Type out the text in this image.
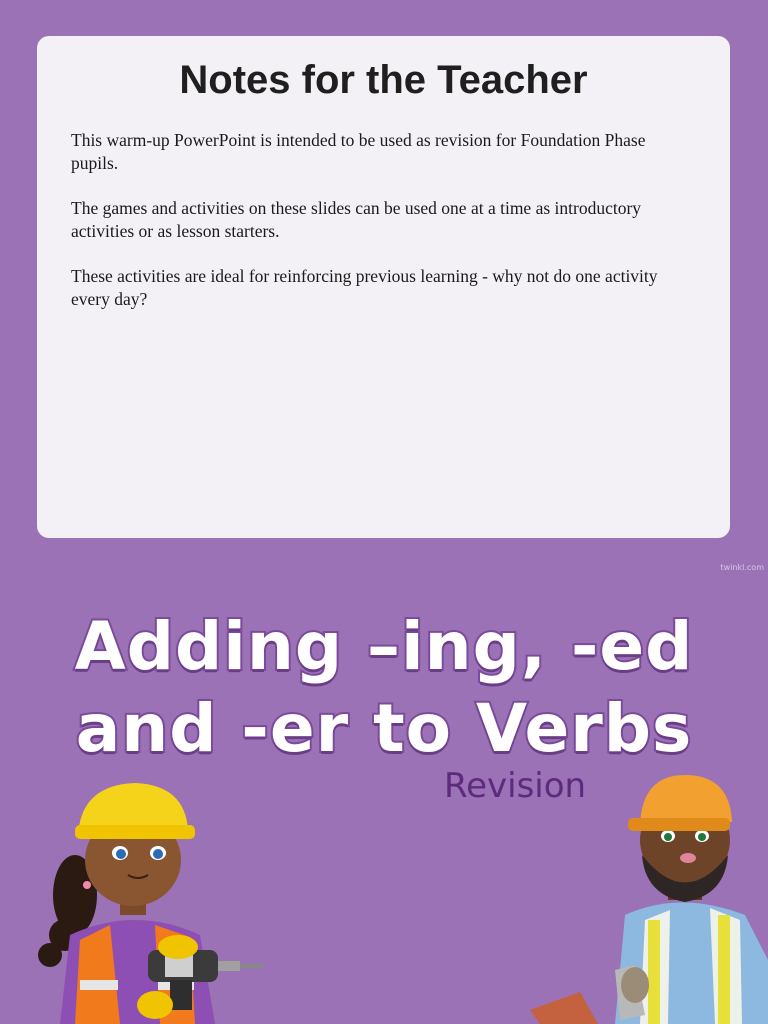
Notes for the Teacher

This warm-up PowerPoint is intended to be used as revision for Foundation Phase pupils.

The games and activities on these slides can be used one at a time as introductory activities or as lesson starters.

These activities are ideal for reinforcing previous learning - why not do one activity every day?

twinkl.com
Adding –ing, -ed
and -er to Verbs
Revision
